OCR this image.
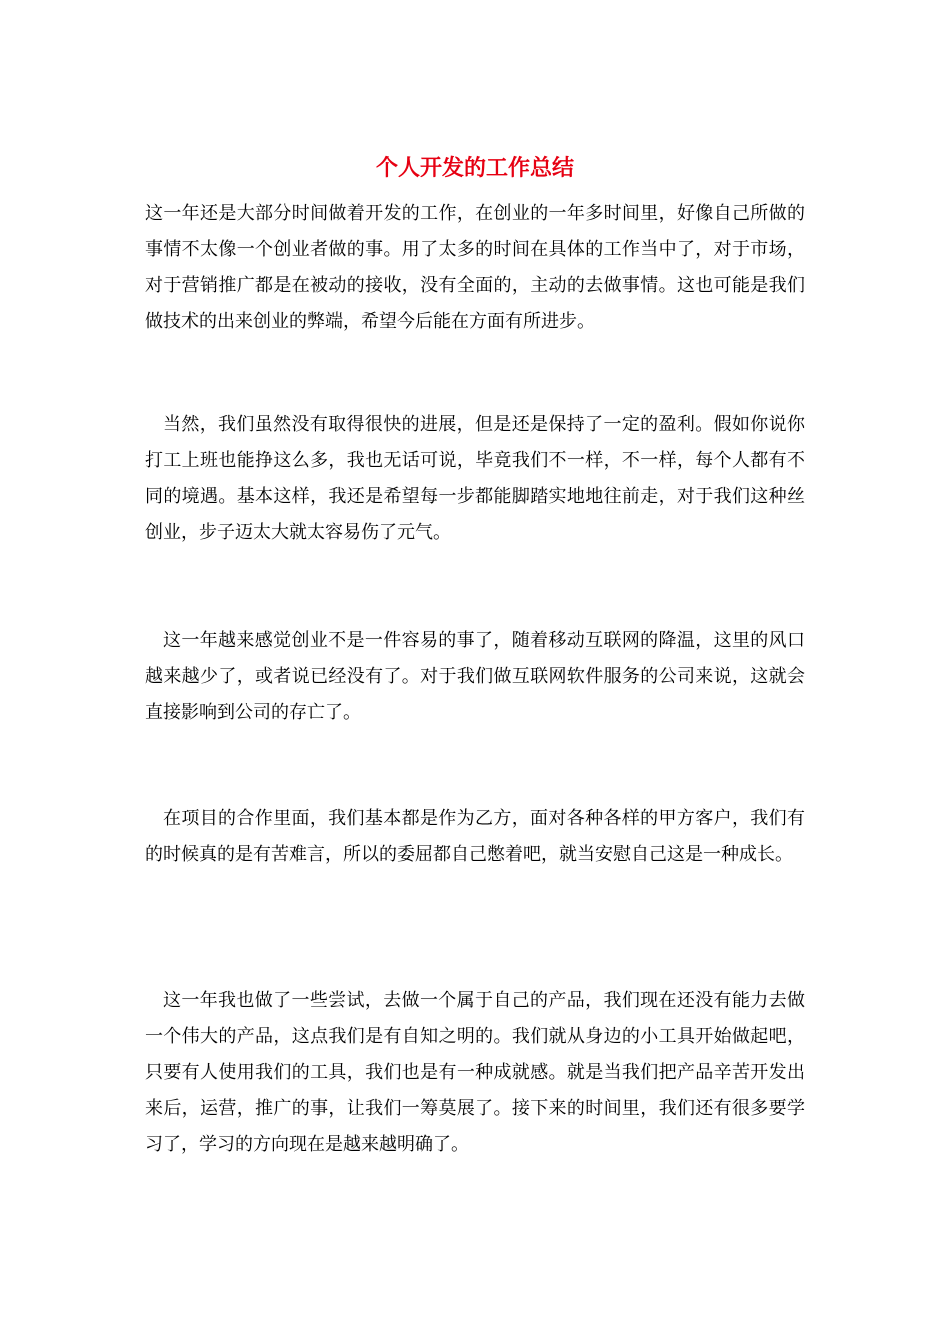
个人开发的工作总结

这一年还是大部分时间做着开发的工作，在创业的一年多时间里，好像自己所做的事情不太像一个创业者做的事。用了太多的时间在具体的工作当中了，对于市场，对于营销推广都是在被动的接收，没有全面的，主动的去做事情。这也可能是我们做技术的出来创业的弊端，希望今后能在方面有所进步。

当然，我们虽然没有取得很快的进展，但是还是保持了一定的盈利。假如你说你打工上班也能挣这么多，我也无话可说，毕竟我们不一样，不一样，每个人都有不同的境遇。基本这样，我还是希望每一步都能脚踏实地地往前走，对于我们这种丝创业，步子迈太大就太容易伤了元气。

这一年越来感觉创业不是一件容易的事了，随着移动互联网的降温，这里的风口越来越少了，或者说已经没有了。对于我们做互联网软件服务的公司来说，这就会直接影响到公司的存亡了。

在项目的合作里面，我们基本都是作为乙方，面对各种各样的甲方客户，我们有的时候真的是有苦难言，所以的委屈都自己憋着吧，就当安慰自己这是一种成长。

这一年我也做了一些尝试，去做一个属于自己的产品，我们现在还没有能力去做一个伟大的产品，这点我们是有自知之明的。我们就从身边的小工具开始做起吧，只要有人使用我们的工具，我们也是有一种成就感。就是当我们把产品辛苦开发出来后，运营，推广的事，让我们一筹莫展了。接下来的时间里，我们还有很多要学习了，学习的方向现在是越来越明确了。
